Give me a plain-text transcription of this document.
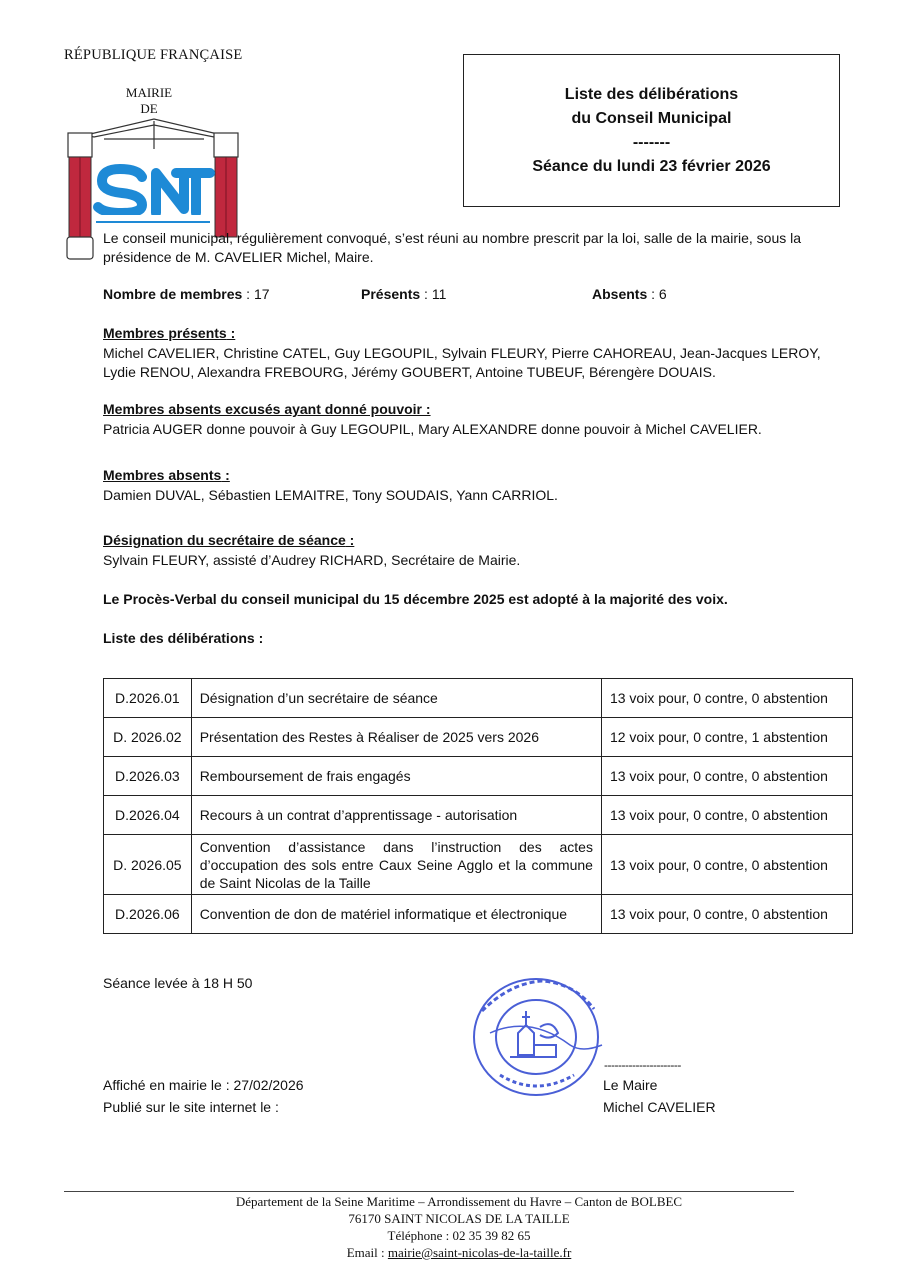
RÉPUBLIQUE FRANÇAISE
MAIRIE
DE
Liste des délibérations
du Conseil Municipal
-------
Séance du lundi 23 février 2026
Le conseil municipal, régulièrement convoqué, s’est réuni au nombre prescrit par la loi, salle de la mairie, sous la présidence de M. CAVELIER Michel, Maire.
Nombre de membres : 17	Présents : 11	Absents : 6
Membres présents :
Michel CAVELIER, Christine CATEL, Guy LEGOUPIL, Sylvain FLEURY, Pierre CAHOREAU, Jean-Jacques LEROY, Lydie RENOU, Alexandra FREBOURG, Jérémy GOUBERT, Antoine TUBEUF, Bérengère DOUAIS.
Membres absents excusés ayant donné pouvoir :
Patricia AUGER donne pouvoir à Guy LEGOUPIL, Mary ALEXANDRE donne pouvoir à Michel CAVELIER.
Membres absents :
Damien DUVAL, Sébastien LEMAITRE, Tony SOUDAIS, Yann CARRIOL.
Désignation du secrétaire de séance :
Sylvain FLEURY, assisté d’Audrey RICHARD, Secrétaire de Mairie.
Le Procès-Verbal du conseil municipal du 15 décembre 2025 est adopté à la majorité des voix.
Liste des délibérations :
D.2026.01	Désignation d’un secrétaire de séance	13 voix pour, 0 contre, 0 abstention
D. 2026.02	Présentation des Restes à Réaliser de 2025 vers 2026	12 voix pour, 0 contre, 1 abstention
D.2026.03	Remboursement de frais engagés	13 voix pour, 0 contre, 0 abstention
D.2026.04	Recours à un contrat d’apprentissage - autorisation	13 voix pour, 0 contre, 0 abstention
D. 2026.05	Convention d’assistance dans l’instruction des actes d’occupation des sols entre Caux Seine Agglo et la commune de Saint Nicolas de la Taille	13 voix pour, 0 contre, 0 abstention
D.2026.06	Convention de don de matériel informatique et électronique	13 voix pour, 0 contre, 0 abstention
Séance levée à 18 H 50
----------------------
Affiché en mairie le : 27/02/2026
Publié sur le site internet le :
Le Maire
Michel CAVELIER
Département de la Seine Maritime – Arrondissement du Havre – Canton de BOLBEC
76170 SAINT NICOLAS DE LA TAILLE
Téléphone : 02 35 39 82 65
Email : mairie@saint-nicolas-de-la-taille.fr
